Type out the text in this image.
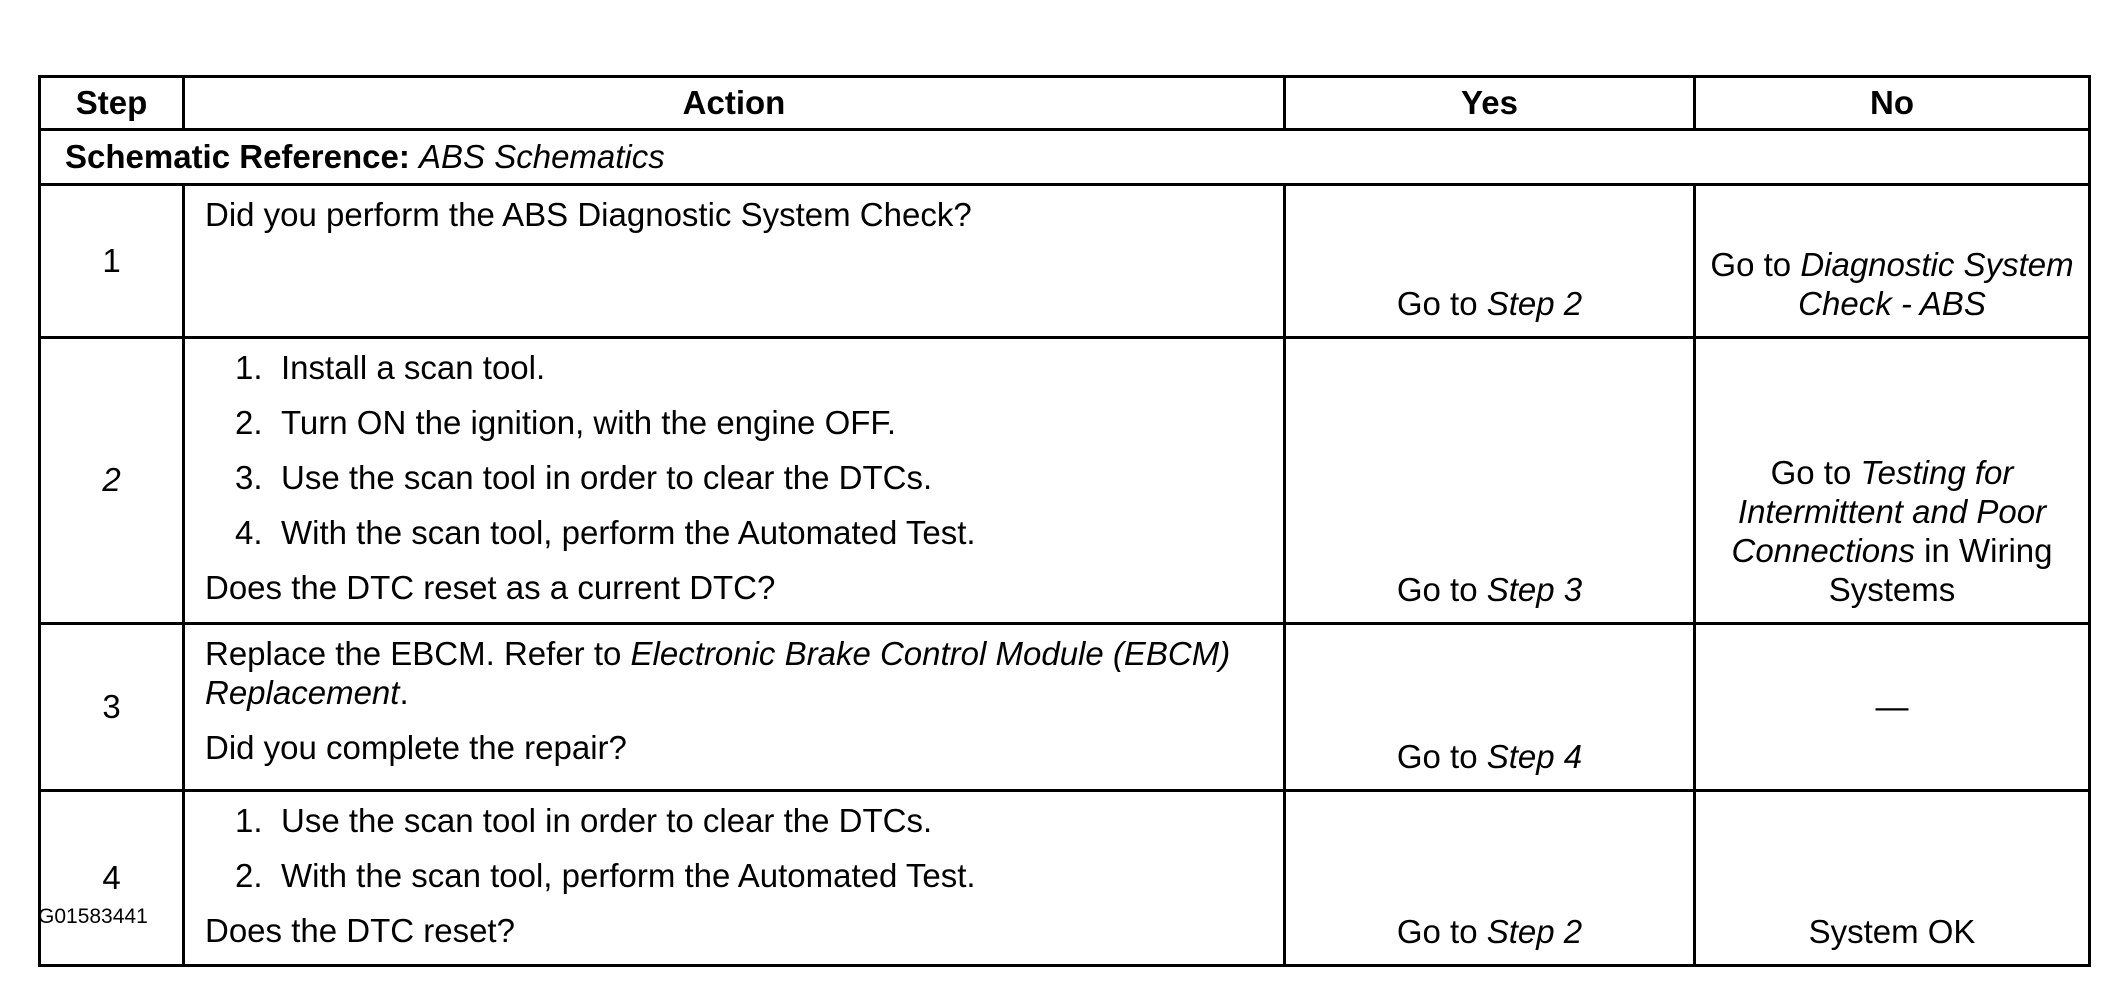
Step	Action	Yes	No
Schematic Reference: ABS Schematics			
1	Did you perform the ABS Diagnostic System Check?	Go to Step 2	Go to Diagnostic System Check - ABS
2	1. Install a scan tool.
2. Turn ON the ignition, with the engine OFF.
3. Use the scan tool in order to clear the DTCs.
4. With the scan tool, perform the Automated Test.
Does the DTC reset as a current DTC?	Go to Step 3	Go to Testing for Intermittent and Poor Connections in Wiring Systems
3	Replace the EBCM. Refer to Electronic Brake Control Module (EBCM) Replacement.
Did you complete the repair?	Go to Step 4	—
4	1. Use the scan tool in order to clear the DTCs.
2. With the scan tool, perform the Automated Test.
Does the DTC reset?	Go to Step 2	System OK
G01583441
